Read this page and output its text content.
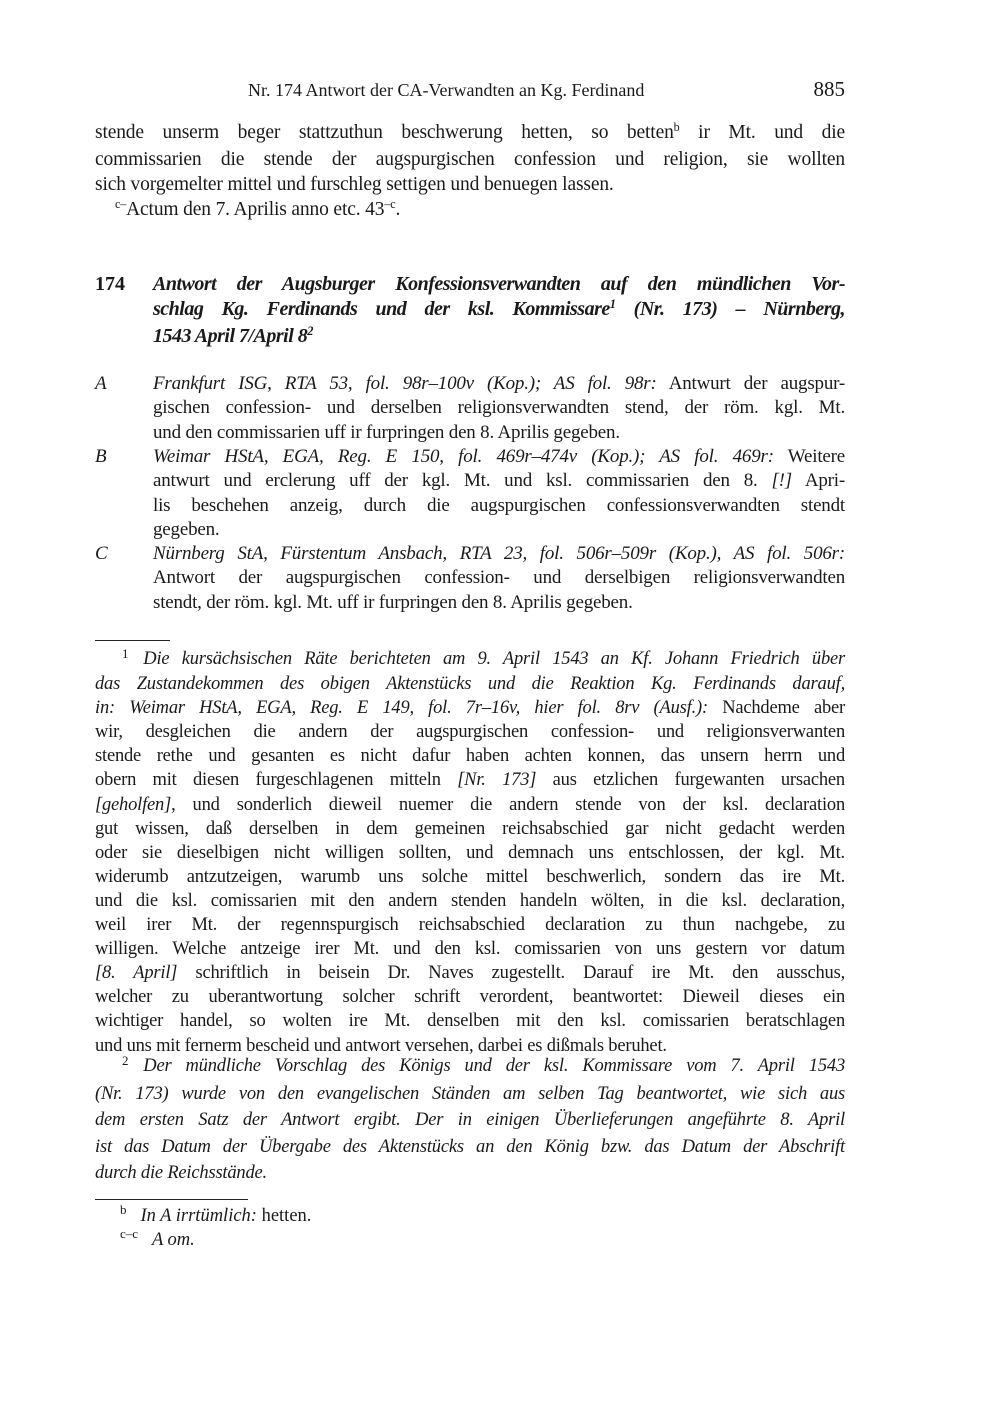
Nr. 174 Antwort der CA-Verwandten an Kg. Ferdinand	885
stende unserm beger stattzuthun beschwerung hetten, so betten$^b$ ir Mt. und die
commissarien die stende der augspurgischen confession und religion, sie wollten
sich vorgemelter mittel und furschleg settigen und benuegen lassen.
$^{c-}$Actum den 7. Aprilis anno etc. $43^{-c}$.
174 Antwort der Augsburger Konfessionsverwandten auf den mündlichen Vor-
schlag Kg. Ferdinands und der ksl. Kommissare$^1$ (Nr. 173) – Nürnberg,
1543 April 7/April $8^2$
A Frankfurt ISG, RTA 53, fol. 98r–100v (Kop.); AS fol. 98r: Antwurt der augspur-
gischen confession- und derselben religionsverwandten stend, der röm. kgl. Mt.
und den commissarien uff ir furpringen den 8. Aprilis gegeben.
B Weimar HStA, EGA, Reg. E 150, fol. 469r–474v (Kop.); AS fol. 469r: Weitere
antwurt und erclerung uff der kgl. Mt. und ksl. commissarien den 8. [!] Apri-
lis beschehen anzeig, durch die augspurgischen confessionsverwandten stendt
gegeben.
C Nürnberg StA, Fürstentum Ansbach, RTA 23, fol. 506r–509r (Kop.), AS fol. 506r:
Antwort der augspurgischen confession- und derselbigen religionsverwandten
stendt, der röm. kgl. Mt. uff ir furpringen den 8. Aprilis gegeben.
$^1$ Die kursächsischen Räte berichteten am 9. April 1543 an Kf. Johann Friedrich über
das Zustandekommen des obigen Aktenstücks und die Reaktion Kg. Ferdinands darauf,
in: Weimar HStA, EGA, Reg. E 149, fol. 7r–16v, hier fol. 8rv (Ausf.): Nachdeme aber
wir, desgleichen die andern der augspurgischen confession- und religionsverwanten
stende rethe und gesanten es nicht dafur haben achten konnen, das unsern herrn und
obern mit diesen furgeschlagenen mitteln [Nr. 173] aus etzlichen furgewanten ursachen
[geholfen], und sonderlich dieweil nuemer die andern stende von der ksl. declaration
gut wissen, daß derselben in dem gemeinen reichsabschied gar nicht gedacht werden
oder sie dieselbigen nicht willigen sollten, und demnach uns entschlossen, der kgl. Mt.
widerumb antzutzeigen, warumb uns solche mittel beschwerlich, sondern das ire Mt.
und die ksl. comissarien mit den andern stenden handeln wölten, in die ksl. declaration,
weil irer Mt. der regennspurgisch reichsabschied declaration zu thun nachgebe, zu
willigen. Welche antzeige irer Mt. und den ksl. comissarien von uns gestern vor datum
[8. April] schriftlich in beisein Dr. Naves zugestellt. Darauf ire Mt. den ausschus,
welcher zu uberantwortung solcher schrift verordent, beantwortet: Dieweil dieses ein
wichtiger handel, so wolten ire Mt. denselben mit den ksl. comissarien beratschlagen
und uns mit fernerm bescheid und antwort versehen, darbei es dißmals beruhet.
$^2$ Der mündliche Vorschlag des Königs und der ksl. Kommissare vom 7. April 1543
(Nr. 173) wurde von den evangelischen Ständen am selben Tag beantwortet, wie sich aus
dem ersten Satz der Antwort ergibt. Der in einigen Überlieferungen angeführte 8. April
ist das Datum der Übergabe des Aktenstücks an den König bzw. das Datum der Abschrift
durch die Reichsstände.
$^b$ In A irrtümlich: hetten.
$^{c-c}$ A om.
